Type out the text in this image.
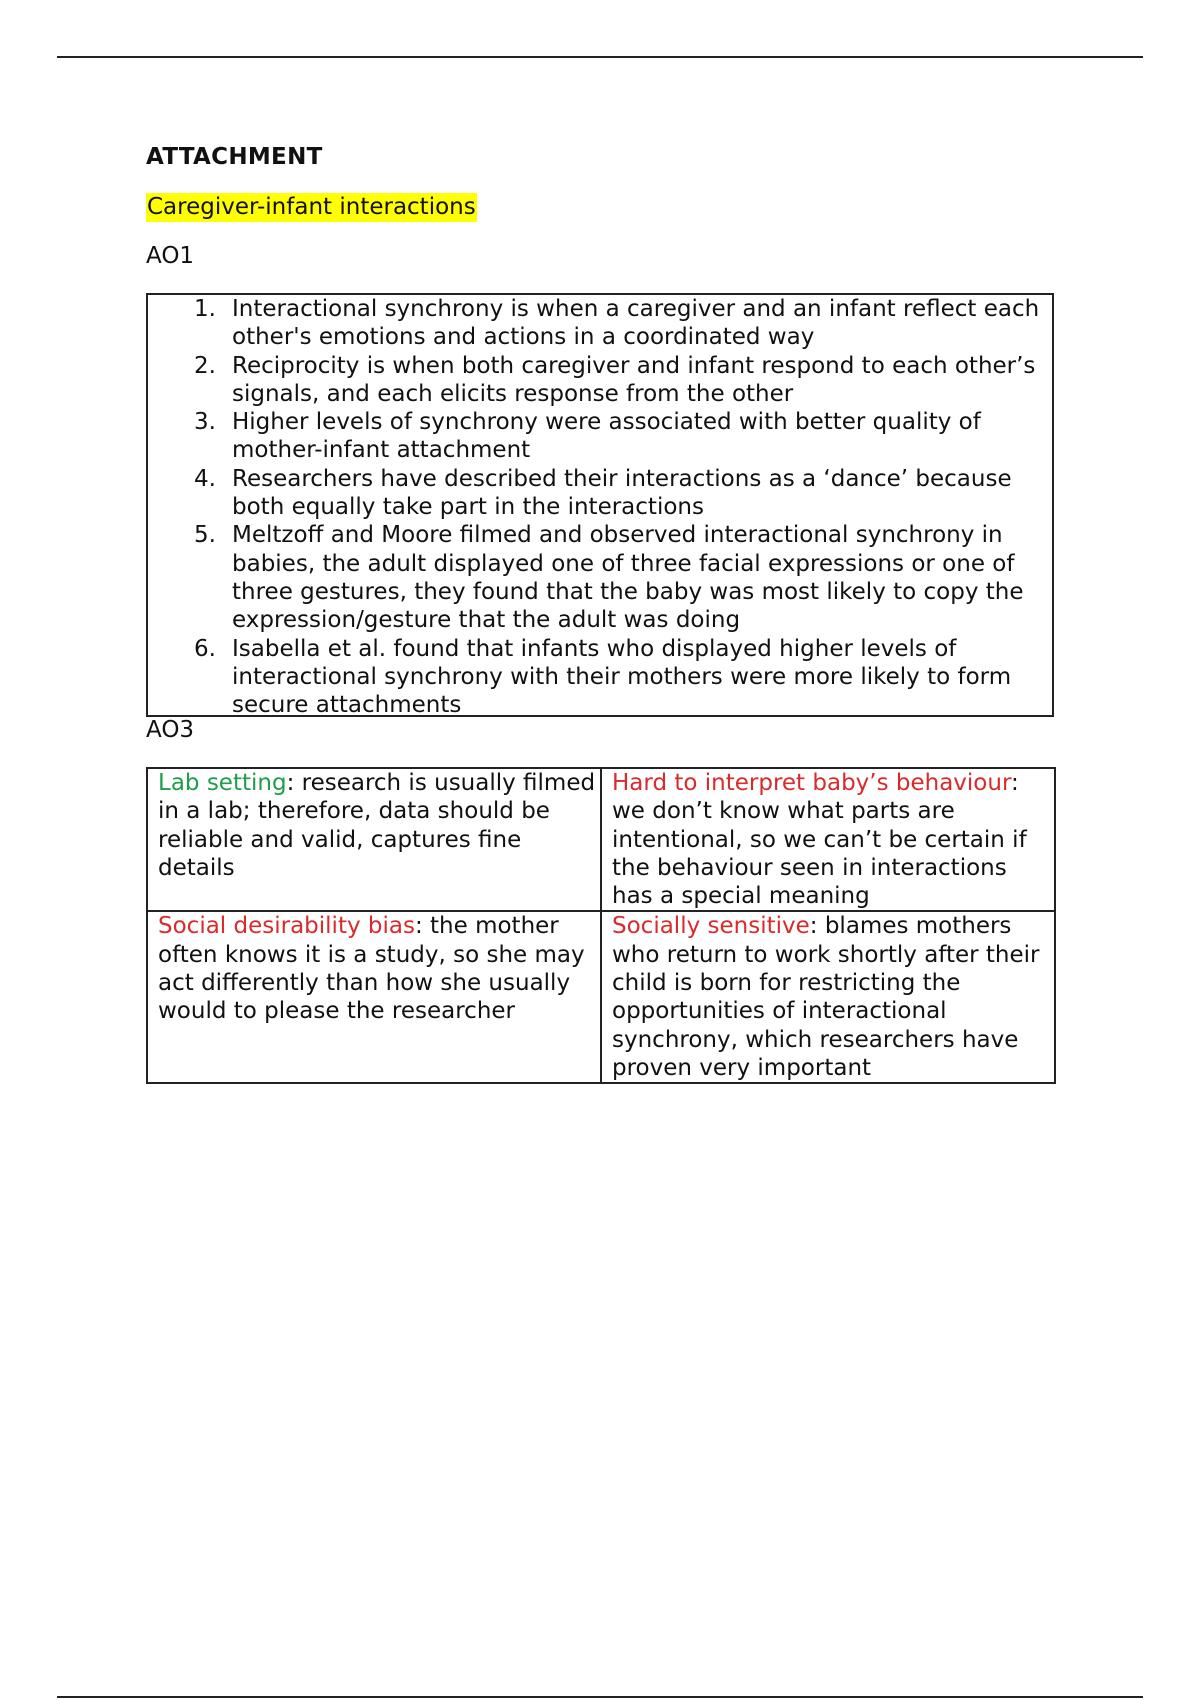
ATTACHMENT
Caregiver-infant interactions
AO1
1. Interactional synchrony is when a caregiver and an infant reflect each other's emotions and actions in a coordinated way
2. Reciprocity is when both caregiver and infant respond to each other’s signals, and each elicits response from the other
3. Higher levels of synchrony were associated with better quality of mother-infant attachment
4. Researchers have described their interactions as a ‘dance’ because both equally take part in the interactions
5. Meltzoff and Moore filmed and observed interactional synchrony in babies, the adult displayed one of three facial expressions or one of three gestures, they found that the baby was most likely to copy the expression/gesture that the adult was doing
6. Isabella et al. found that infants who displayed higher levels of interactional synchrony with their mothers were more likely to form secure attachments
AO3
Lab setting: research is usually filmed in a lab; therefore, data should be reliable and valid, captures fine details	Hard to interpret baby’s behaviour: we don’t know what parts are intentional, so we can’t be certain if the behaviour seen in interactions has a special meaning
Social desirability bias: the mother often knows it is a study, so she may act differently than how she usually would to please the researcher	Socially sensitive: blames mothers who return to work shortly after their child is born for restricting the opportunities of interactional synchrony, which researchers have proven very important
